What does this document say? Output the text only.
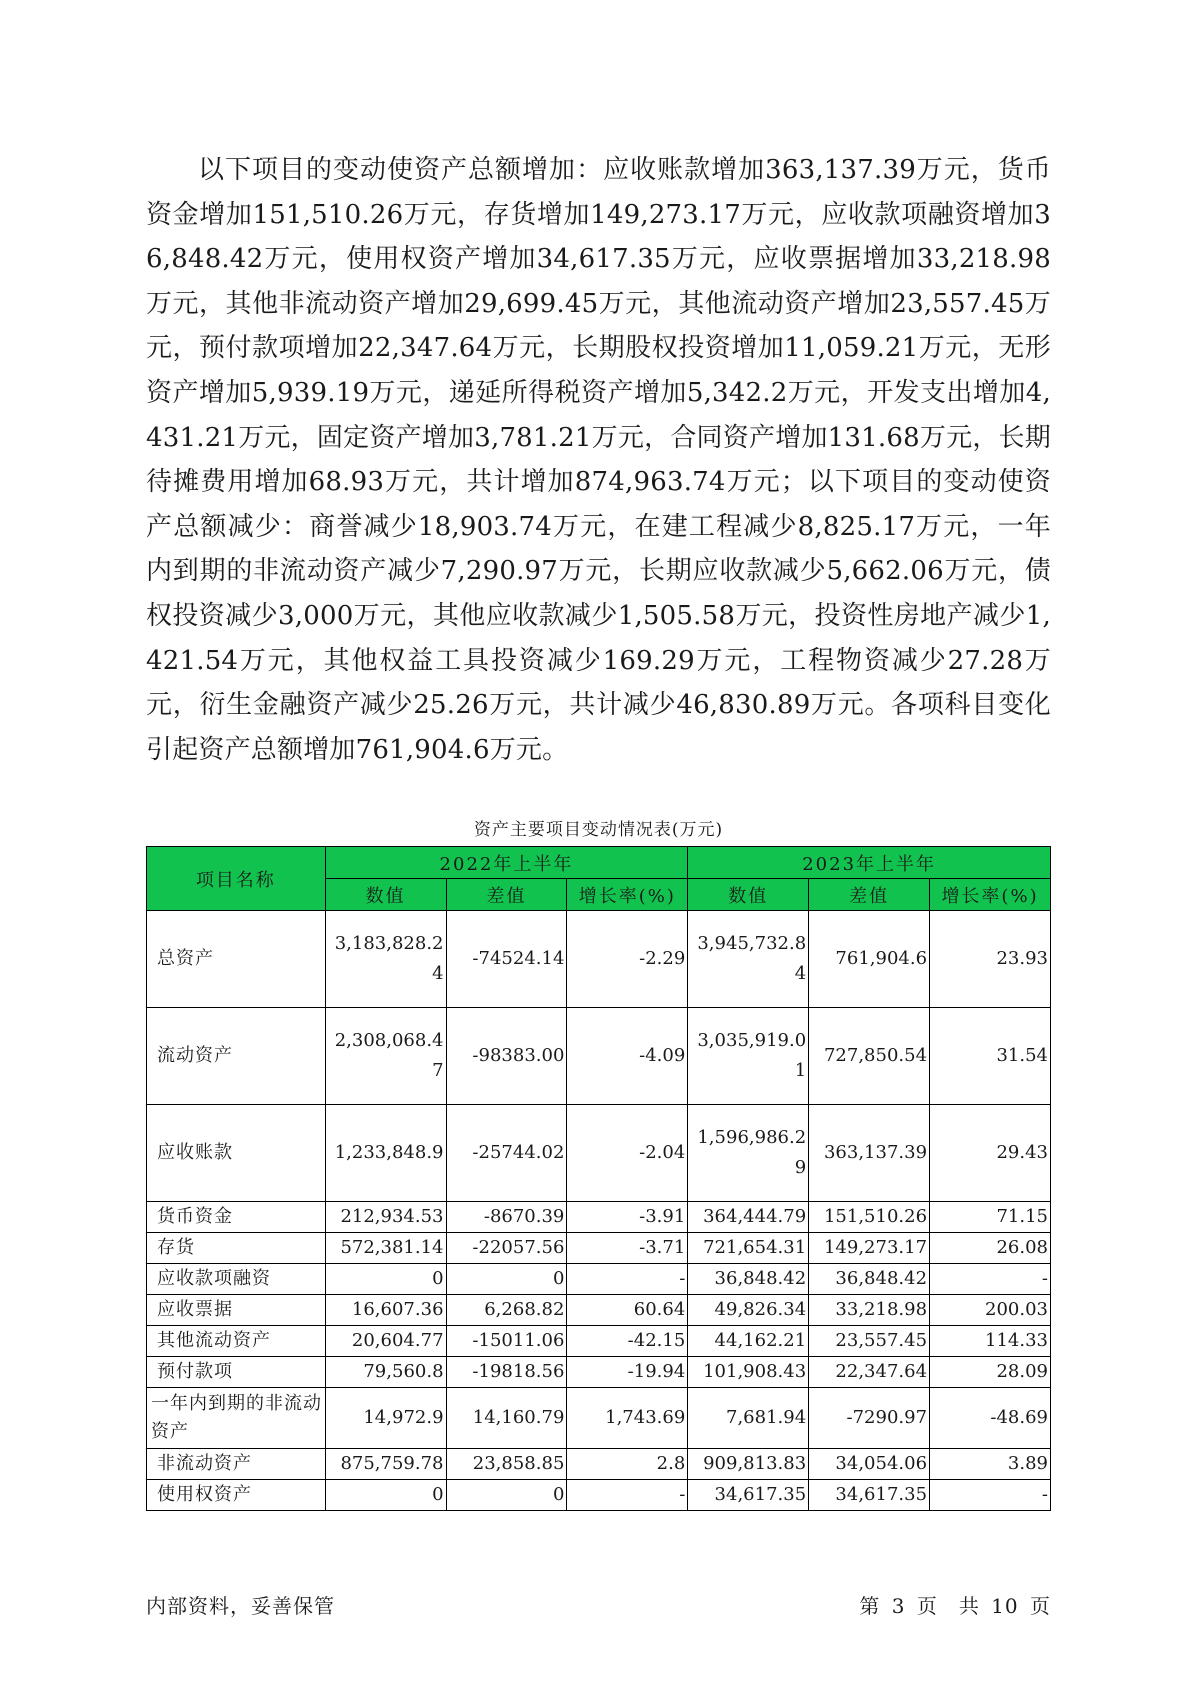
以下项目的变动使资产总额增加：应收账款增加363,137.39万元，货币资金增加151,510.26万元，存货增加149,273.17万元，应收款项融资增加36,848.42万元，使用权资产增加34,617.35万元，应收票据增加33,218.98万元，其他非流动资产增加29,699.45万元，其他流动资产增加23,557.45万元，预付款项增加22,347.64万元，长期股权投资增加11,059.21万元，无形资产增加5,939.19万元，递延所得税资产增加5,342.2万元，开发支出增加4,431.21万元，固定资产增加3,781.21万元，合同资产增加131.68万元，长期待摊费用增加68.93万元，共计增加874,963.74万元；以下项目的变动使资产总额减少：商誉减少18,903.74万元，在建工程减少8,825.17万元，一年内到期的非流动资产减少7,290.97万元，长期应收款减少5,662.06万元，债权投资减少3,000万元，其他应收款减少1,505.58万元，投资性房地产减少1,421.54万元，其他权益工具投资减少169.29万元，工程物资减少27.28万元，衍生金融资产减少25.26万元，共计减少46,830.89万元。各项科目变化引起资产总额增加761,904.6万元。

资产主要项目变动情况表(万元)
项目名称	2022年上半年			2023年上半年		
	数值	差值	增长率(%)	数值	差值	增长率(%)
总资产	3,183,828.24	-74524.14	-2.29	3,945,732.84	761,904.6	23.93
流动资产	2,308,068.47	-98383.00	-4.09	3,035,919.01	727,850.54	31.54
应收账款	1,233,848.9	-25744.02	-2.04	1,596,986.29	363,137.39	29.43
货币资金	212,934.53	-8670.39	-3.91	364,444.79	151,510.26	71.15
存货	572,381.14	-22057.56	-3.71	721,654.31	149,273.17	26.08
应收款项融资	0	0	-	36,848.42	36,848.42	-
应收票据	16,607.36	6,268.82	60.64	49,826.34	33,218.98	200.03
其他流动资产	20,604.77	-15011.06	-42.15	44,162.21	23,557.45	114.33
预付款项	79,560.8	-19818.56	-19.94	101,908.43	22,347.64	28.09
一年内到期的非流动资产	14,972.9	14,160.79	1,743.69	7,681.94	-7290.97	-48.69
非流动资产	875,759.78	23,858.85	2.8	909,813.83	34,054.06	3.89
使用权资产	0	0	-	34,617.35	34,617.35	-
内部资料，妥善保管	第 3 页　共 10 页
